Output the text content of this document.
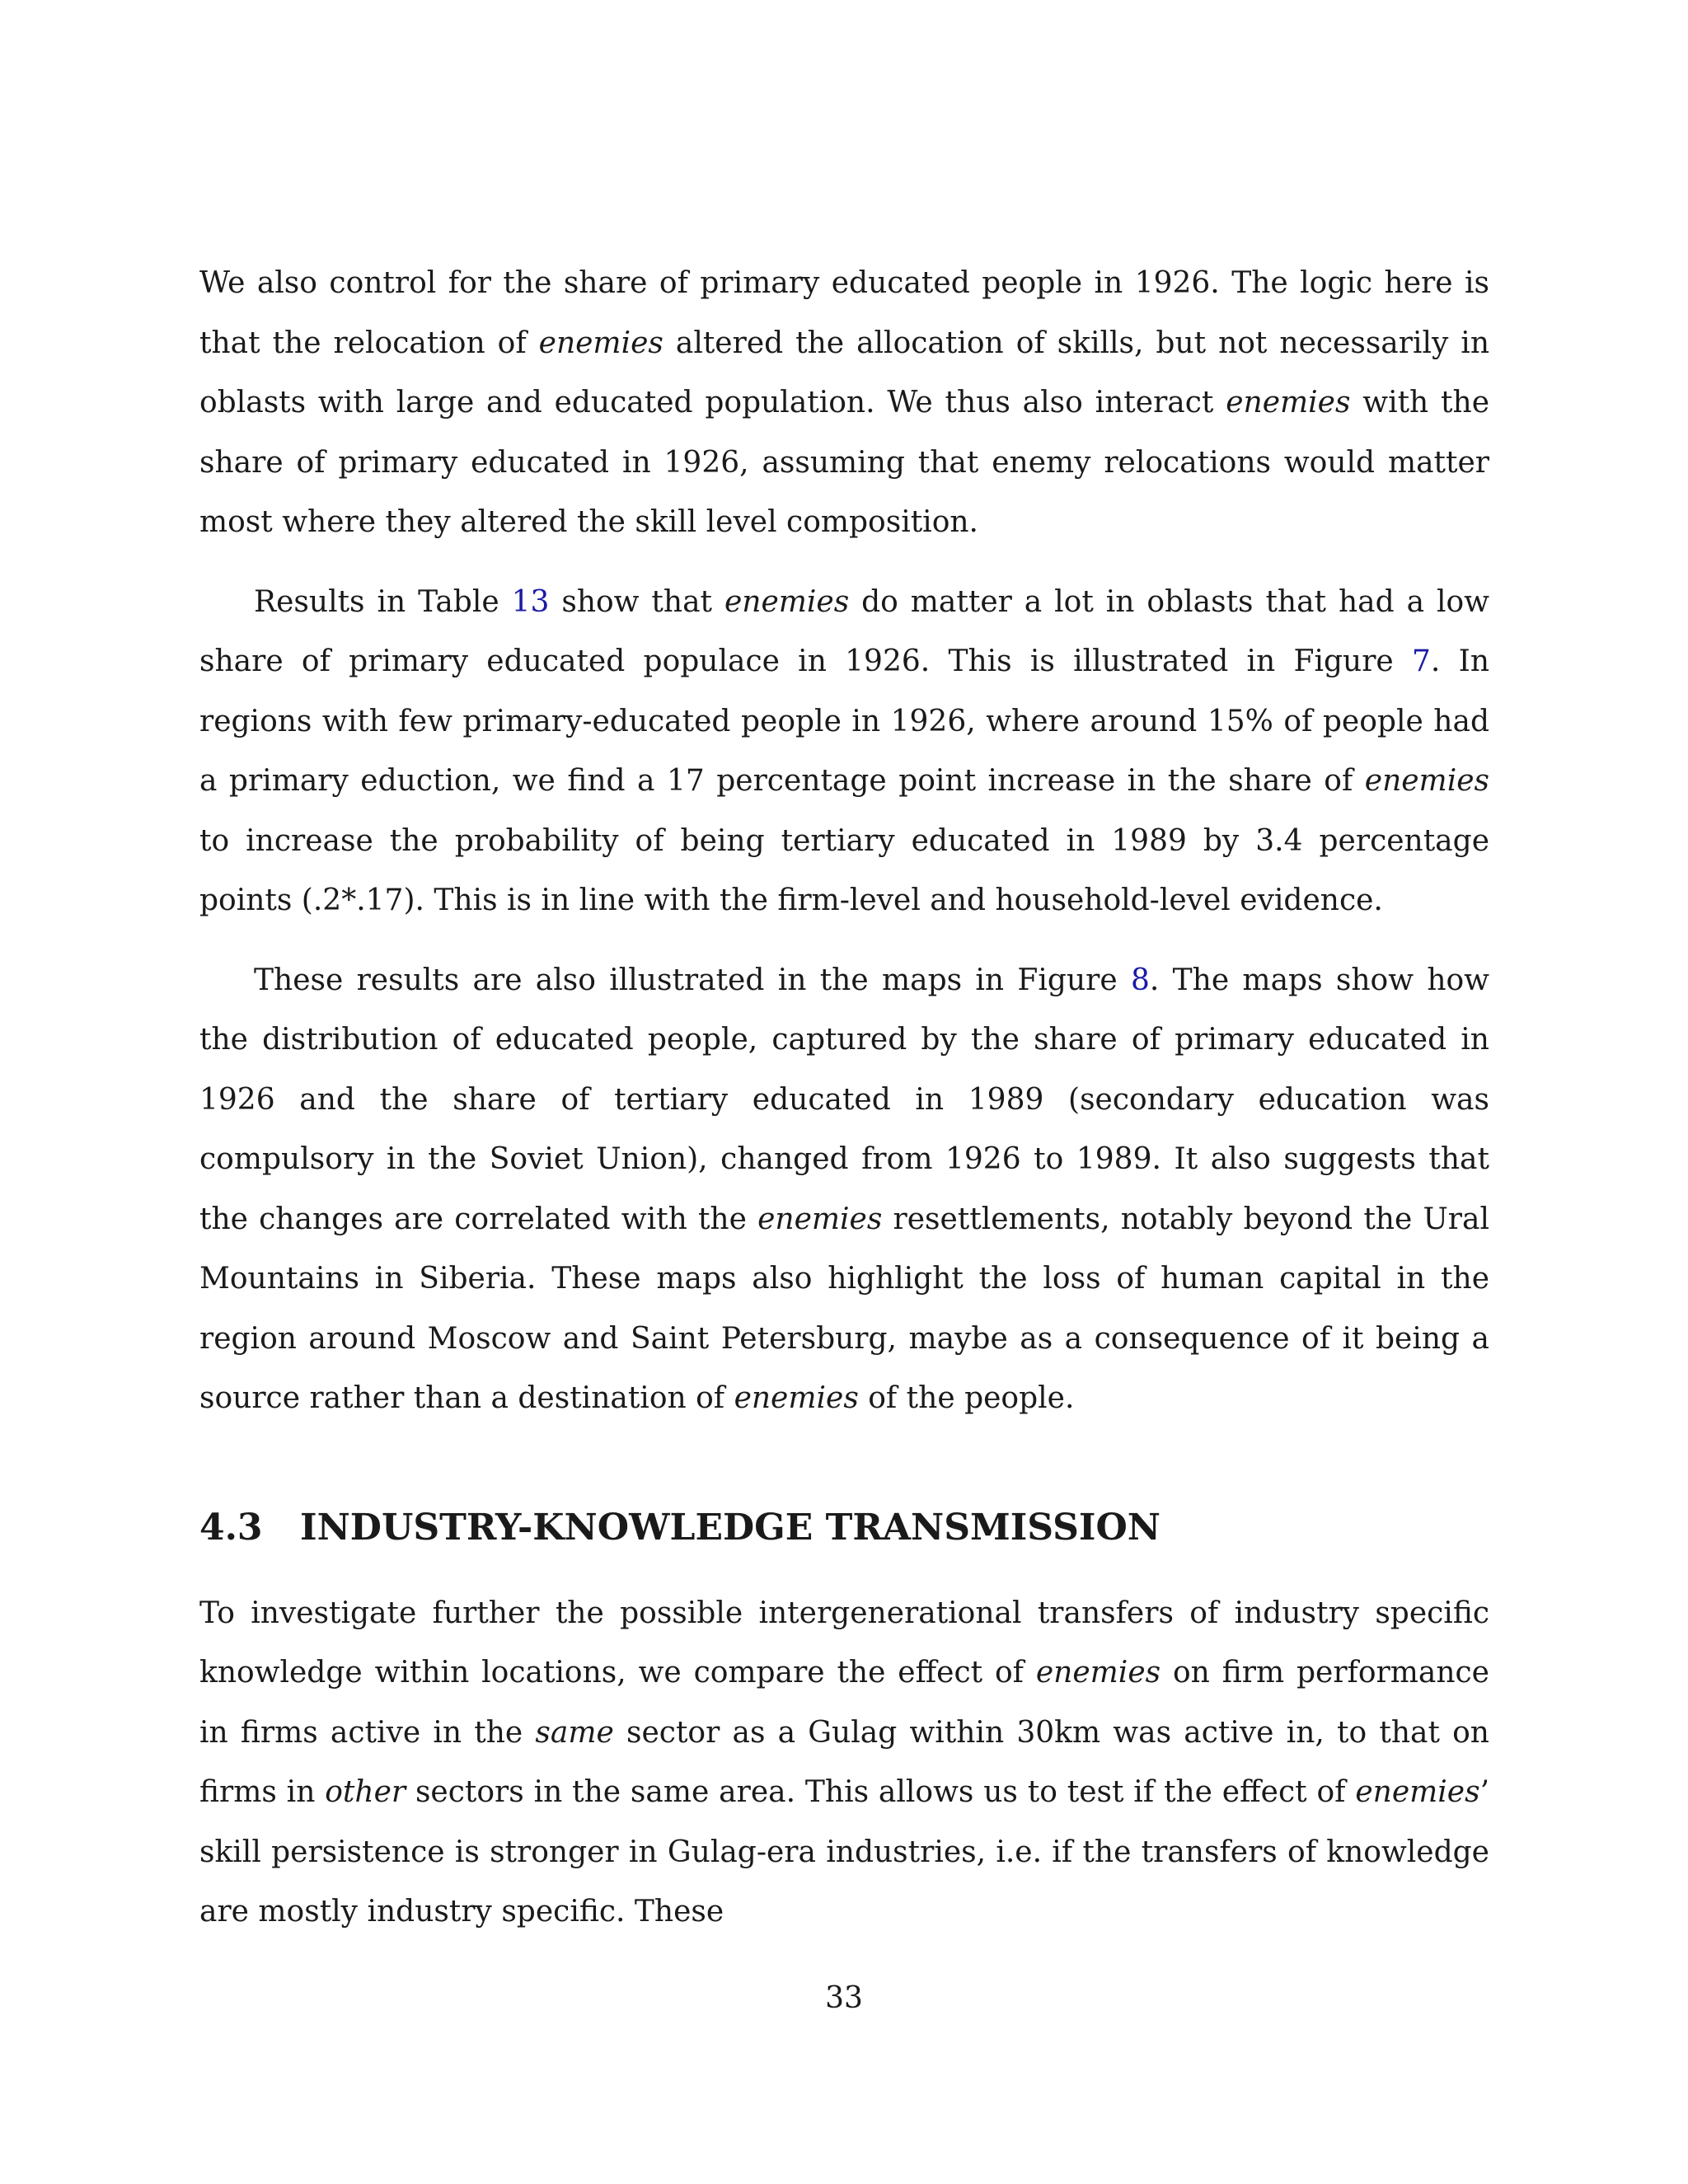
We also control for the share of primary educated people in 1926. The logic here is that the relocation of enemies altered the allocation of skills, but not necessarily in oblasts with large and educated population. We thus also interact enemies with the share of primary educated in 1926, assuming that enemy relocations would matter most where they altered the skill level composition.

Results in Table 13 show that enemies do matter a lot in oblasts that had a low share of primary educated populace in 1926. This is illustrated in Figure 7. In regions with few primary-educated people in 1926, where around 15% of people had a primary eduction, we find a 17 percentage point increase in the share of enemies to increase the probability of being tertiary educated in 1989 by 3.4 percentage points (.2*.17). This is in line with the firm-level and household-level evidence.

These results are also illustrated in the maps in Figure 8. The maps show how the distribution of educated people, captured by the share of primary educated in 1926 and the share of tertiary educated in 1989 (secondary education was compulsory in the Soviet Union), changed from 1926 to 1989. It also suggests that the changes are correlated with the enemies resettlements, notably beyond the Ural Mountains in Siberia. These maps also highlight the loss of human capital in the region around Moscow and Saint Petersburg, maybe as a consequence of it being a source rather than a destination of enemies of the people.

4.3 INDUSTRY-KNOWLEDGE TRANSMISSION

To investigate further the possible intergenerational transfers of industry specific knowledge within locations, we compare the effect of enemies on firm performance in firms active in the same sector as a Gulag within 30km was active in, to that on firms in other sectors in the same area. This allows us to test if the effect of enemies’ skill persistence is stronger in Gulag-era industries, i.e. if the transfers of knowledge are mostly industry specific. These

33
